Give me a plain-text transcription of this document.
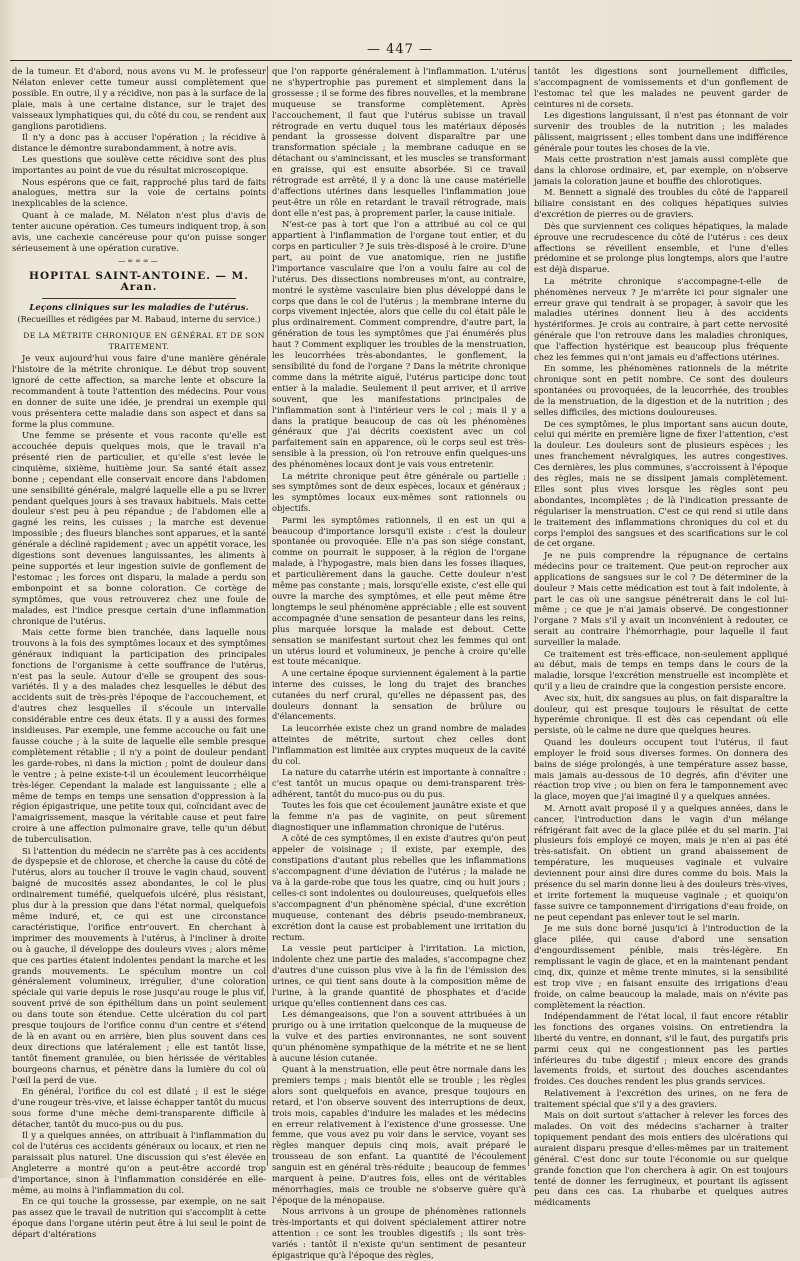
— 447 —

de la tumeur. Et d'abord, nous avons vu M. le professeur Nélaton enlever cette tumeur aussi complètement que possible. En outre, il y a récidive, non pas à la surface de la plaie, mais à une certaine distance, sur le trajet des vaisseaux lymphatiques qui, du côté du cou, se rendent aux ganglions parotidiens.

Il n'y a donc pas à accuser l'opération ; la récidive à distance le démontre surabondamment, à notre avis.

Les questions que soulève cette récidive sont des plus importantes au point de vue du résultat microscopique.

Nous espérons que ce fait, rapproché plus tard de faits analogues, mettra sur la voie de certains points inexplicables de la science.

Quant à ce malade, M. Nélaton n'est plus d'avis de tenter aucune opération. Ces tumeurs indiquent trop, à son avis, une cachexie cancéreuse pour qu'on puisse songer sérieusement à une opération curative.

—∞∞∞—
HOPITAL SAINT-ANTOINE. — M. Aran.
Leçons cliniques sur les maladies de l'utérus.
(Recueillies et rédigées par M. Rabaud, interne du service.)

DE LA MÉTRITE CHRONIQUE EN GÉNÉRAL ET DE SON TRAITEMENT.

Je veux aujourd'hui vous faire d'une manière générale l'histoire de la métrite chronique. Le début trop souvent ignoré de cette affection, sa marche lente et obscure la recommandent à toute l'attention des médecins. Pour vous en donner de suite une idée, je prendrai un exemple qui vous présentera cette maladie dans son aspect et dans sa forme la plus commune.

Une femme se présente et vous raconte qu'elle est accouchée depuis quelques mois, que le travail n'a présenté rien de particulier, et qu'elle s'est levée le cinquième, sixième, huitième jour. Sa santé était assez bonne ; cependant elle conservait encore dans l'abdomen une sensibilité générale, malgré laquelle elle a pu se livrer pendant quelques jours à ses travaux habituels. Mais cette douleur s'est peu à peu répandue ; de l'abdomen elle a gagné les reins, les cuisses ; la marche est devenue impossible ; des flueurs blanches sont apparues, et la santé générale a décliné rapidement ; avec un appétit vorace, les digestions sont devenues languissantes, les aliments à peine supportés et leur ingestion suivie de gonflement de l'estomac ; les forces ont disparu, la malade a perdu son embonpoint et sa bonne coloration. Ce cortège de symptômes, que vous retrouverez chez une foule de malades, est l'indice presque certain d'une inflammation chronique de l'utérus.

Mais cette forme bien tranchée, dans laquelle nous trouvons à la fois des symptômes locaux et des symptômes généraux indiquant la participation des principales fonctions de l'organisme à cette souffrance de l'utérus, n'est pas la seule. Autour d'elle se groupent des sous-variétés. Il y a des malades chez lesquelles le début des accidents suit de très-près l'époque de l'accouchement, et d'autres chez lesquelles il s'écoule un intervalle considérable entre ces deux états. Il y a aussi des formes insidieuses. Par exemple, une femme accouche ou fait une fausse couche ; à la suite de laquelle elle semble presque complètement rétablie ; il n'y a point de douleur pendant les garde-robes, ni dans la miction ; point de douleur dans le ventre ; à peine existe-t-il un écoulement leucorrhéique très-léger. Cependant la malade est languissante ; elle a même de temps en temps une sensation d'oppression à la région épigastrique, une petite toux qui, coïncidant avec de l'amaigrissement, masque la véritable cause et peut faire croire à une affection pulmonaire grave, telle qu'un début de tuberculisation.

Si l'attention du médecin ne s'arrête pas à ces accidents de dyspepsie et de chlorose, et cherche la cause du côté de l'utérus, alors au toucher il trouve le vagin chaud, souvent baigné de mucosités assez abondantes, le col le plus ordinairement tuméfié, quelquefois ulcéré, plus résistant, plus dur à la pression que dans l'état normal, quelquefois même induré, et, ce qui est une circonstance caractéristique, l'orifice entr'ouvert. En cherchant à imprimer des mouvements à l'utérus, à l'incliner à droite ou à gauche, il développe des douleurs vives ; alors même que ces parties étaient indolentes pendant la marche et les grands mouvements. Le spéculum montre un col généralement volumineux, irrégulier, d'une coloration spéciale qui varie depuis le rose jusqu'au rouge le plus vif, souvent privé de son épithélium dans un point seulement ou dans toute son étendue. Cette ulcération du col part presque toujours de l'orifice connu d'un centre et s'étend de là en avant ou en arrière, bien plus souvent dans ces deux directions que latéralement ; elle est tantôt lisse, tantôt finement granulée, ou bien hérissée de véritables bourgeons charnus, et pénètre dans la lumière du col où l'œil la perd de vue.

En général, l'orifice du col est dilaté ; il est le siége d'une rougeur très-vive, et laisse échapper tantôt du mucus sous forme d'une mèche demi-transparente difficile à détacher, tantôt du muco-pus ou du pus.

Il y a quelques années, on attribuait à l'inflammation du col de l'utérus ces accidents généraux ou locaux, et rien ne paraissait plus naturel. Une discussion qui s'est élevée en Angleterre a montré qu'on a peut-être accordé trop d'importance, sinon à l'inflammation considérée en elle-même, au moins à l'inflammation du col.

En ce qui touche la grossesse, par exemple, on ne sait pas assez que le travail de nutrition qui s'accomplit à cette époque dans l'organe utérin peut être à lui seul le point de départ d'altérations

que l'on rapporte généralement à l'inflammation. L'utérus ne s'hypertrophie pas purement et simplement dans la grossesse ; il se forme des fibres nouvelles, et la membrane muqueuse se transforme complètement. Après l'accouchement, il faut que l'utérus subisse un travail rétrograde en vertu duquel tous les matériaux déposés pendant la grossesse doivent disparaître par une transformation spéciale ; la membrane caduque en se détachant ou s'amincissant, et les muscles se transformant en graisse, qui est ensuite absorbée. Si ce travail rétrograde est arrêté, il y a donc là une cause matérielle d'affections utérines dans lesquelles l'inflammation joue peut-être un rôle en retardant le travail rétrograde, mais dont elle n'est pas, à proprement parler, la cause initiale.

N'est-ce pas à tort que l'on a attribué au col ce qui appartient à l'inflammation de l'organe tout entier, et du corps en particulier ? Je suis très-disposé à le croire. D'une part, au point de vue anatomique, rien ne justifie l'importance vasculaire que l'on a voulu faire au col de l'utérus. Des dissections nombreuses m'ont, au contraire, montré le système vasculaire bien plus développé dans le corps que dans le col de l'utérus ; la membrane interne du corps vivement injectée, alors que celle du col était pâle le plus ordinairement. Comment comprendre, d'autre part, la génération de tous les symptômes que j'ai énumérés plus haut ? Comment expliquer les troubles de la menstruation, les leucorrhées très-abondantes, le gonflement, la sensibilité du fond de l'organe ? Dans la métrite chronique comme dans la métrite aiguë, l'utérus participe donc tout entier à la maladie. Seulement il peut arriver, et il arrive souvent, que les manifestations principales de l'inflammation sont à l'intérieur vers le col ; mais il y a dans la pratique beaucoup de cas où les phénomènes généraux que j'ai décrits coexistent avec un col parfaitement sain en apparence, où le corps seul est très-sensible à la pression, où l'on retrouve enfin quelques-uns des phénomènes locaux dont je vais vous entretenir.

La métrite chronique peut être générale ou partielle ; ses symptômes sont de deux espèces, locaux et généraux ; les symptômes locaux eux-mêmes sont rationnels ou objectifs.

Parmi les symptômes rationnels, il en est un qui a beaucoup d'importance lorsqu'il existe : c'est la douleur spontanée ou provoquée. Elle n'a pas son siége constant, comme on pourrait le supposer, à la région de l'organe malade, à l'hypogastre, mais bien dans les fosses iliaques, et particulièrement dans la gauche. Cette douleur n'est même pas constante ; mais, lorsqu'elle existe, c'est elle qui ouvre la marche des symptômes, et elle peut même être longtemps le seul phénomène appréciable ; elle est souvent accompagnée d'une sensation de pesanteur dans les reins, plus marquée lorsque la malade est debout. Cette sensation se manifestant surtout chez les femmes qui ont un utérus lourd et volumineux, je penche à croire qu'elle est toute mécanique.

A une certaine époque surviennent également à la partie interne des cuisses, le long du trajet des branches cutanées du nerf crural, qu'elles ne dépassent pas, des douleurs donnant la sensation de brûlure ou d'élancements.

La leucorrhée existe chez un grand nombre de malades atteintes de métrite, surtout chez celles dont l'inflammation est limitée aux cryptes muqueux de la cavité du col.

La nature du catarrhe utérin est importante à connaître : c'est tantôt un mucus opaque ou demi-transparent très-adhérent, tantôt du muco-pus ou du pus.

Toutes les fois que cet écoulement jaunâtre existe et que la femme n'a pas de vaginite, on peut sûrement diagnostiquer une inflammation chronique de l'utérus.

A côté de ces symptômes, il en existe d'autres qu'on peut appeler de voisinage ; il existe, par exemple, des constipations d'autant plus rebelles que les inflammations s'accompagnent d'une déviation de l'utérus ; la malade ne va à la garde-robe que tous les quatre, cinq ou huit jours ; celles-ci sont indolentes ou douloureuses, quelquefois elles s'accompagnent d'un phénomène spécial, d'une excrétion muqueuse, contenant des débris pseudo-membraneux, excrétion dont la cause est probablement une irritation du rectum.

La vessie peut participer à l'irritation. La miction, indolente chez une partie des malades, s'accompagne chez d'autres d'une cuisson plus vive à la fin de l'émission des urines, ce qui tient sans doute à la composition même de l'urine, à la grande quantité de phosphates et d'acide urique qu'elles contiennent dans ces cas.

Les démangeaisons, que l'on a souvent attribuées à un prurigo ou à une irritation quelconque de la muqueuse de la vulve et des parties environnantes, ne sont souvent qu'un phénomène sympathique de la métrite et ne se lient à aucune lésion cutanée.

Quant à la menstruation, elle peut être normale dans les premiers temps ; mais bientôt elle se trouble ; les règles alors sont quelquefois en avance, presque toujours en retard, et l'on observe souvent des interruptions de deux, trois mois, capables d'induire les malades et les médecins en erreur relativement à l'existence d'une grossesse. Une femme, que vous avez pu voir dans le service, voyant ses règles manquer depuis cinq mois, avait préparé le trousseau de son enfant. La quantité de l'écoulement sanguin est en général très-réduite ; beaucoup de femmes marquent à peine. D'autres fois, elles ont de véritables ménorrhagies, mais ce trouble ne s'observe guère qu'à l'époque de la ménopause.

Nous arrivons à un groupe de phénomènes rationnels très-importants et qui doivent spécialement attirer notre attention : ce sont les troubles digestifs ; ils sont très-variés : tantôt il n'existe qu'un sentiment de pesanteur épigastrique qu'à l'époque des règles,

tantôt les digestions sont journellement difficiles, s'accompagnent de vomissements et d'un gonflement de l'estomac tel que les malades ne peuvent garder de ceintures ni de corsets.

Les digestions languissant, il n'est pas étonnant de voir survenir des troubles de la nutrition ; les malades pâlissent, maigrissent ; elles tombent dans une indifférence générale pour toutes les choses de la vie.

Mais cette prostration n'est jamais aussi complète que dans la chlorose ordinaire, et, par exemple, on n'observe jamais la coloration jaune et bouffie des chlorotiques.

M. Bennett a signalé des troubles du côté de l'appareil biliaire consistant en des coliques hépatiques suivies d'excrétion de pierres ou de graviers.

Dès que surviennent ces coliques hépatiques, la malade éprouve une recrudescence du côté de l'utérus : ces deux affections se réveillent ensemble, et l'une d'elles prédomine et se prolonge plus longtemps, alors que l'autre est déjà disparue.

La métrite chronique s'accompagne-t-elle de phénomènes nerveux ? Je m'arrête ici pour signaler une erreur grave qui tendrait à se propager, à savoir que les maladies utérines donnent lieu à des accidents hystériformes. Je crois au contraire, à part cette nervosité générale que l'on retrouve dans les maladies chroniques, que l'affection hystérique est beaucoup plus fréquente chez les femmes qui n'ont jamais eu d'affections utérines.

En somme, les phénomènes rationnels de la métrite chronique sont en petit nombre. Ce sont des douleurs spontanées ou provoquées, de la leucorrhée, des troubles de la menstruation, de la digestion et de la nutrition ; des selles difficiles, des mictions douloureuses.

De ces symptômes, le plus important sans aucun doute, celui qui mérite en première ligne de fixer l'attention, c'est la douleur. Les douleurs sont de plusieurs espèces ; les unes franchement névralgiques, les autres congestives. Ces dernières, les plus communes, s'accroissent à l'époque des règles, mais ne se dissipent jamais complètement. Elles sont plus vives lorsque les règles sont peu abondantes, incomplètes ; de là l'indication pressante de régulariser la menstruation. C'est ce qui rend si utile dans le traitement des inflammations chroniques du col et du corps l'emploi des sangsues et des scarifications sur le col de cet organe.

Je ne puis comprendre la répugnance de certains médecins pour ce traitement. Que peut-on reprocher aux applications de sangsues sur le col ? De déterminer de la douleur ? Mais cette médication est tout à fait indolente, à part le cas où une sangsue pénétrerait dans le col lui-même ; ce que je n'ai jamais observé. De congestionner l'organe ? Mais s'il y avait un inconvénient à redouter, ce serait au contraire l'hémorrhagie, pour laquelle il faut surveiller la malade.

Ce traitement est très-efficace, non-seulement appliqué au début, mais de temps en temps dans le cours de la maladie, lorsque l'excrétion menstruelle est incomplète et qu'il y a lieu de craindre que la congestion persiste encore.

Avec six, huit, dix sangsues au plus, on fait disparaître la douleur, qui est presque toujours le résultat de cette hyperémie chronique. Il est dès cas cependant où elle persiste, où le calme ne dure que quelques heures.

Quand les douleurs occupent tout l'utérus, il faut employer le froid sous diverses formes. On donnera des bains de siége prolongés, à une température assez basse, mais jamais au-dessous de 10 degrés, afin d'éviter une réaction trop vive ; ou bien on fera le tamponnement avec la glace, moyen que j'ai imaginé il y a quelques années.

M. Arnott avait proposé il y a quelques années, dans le cancer, l'introduction dans le vagin d'un mélange réfrigérant fait avec de la glace pilée et du sel marin. J'ai plusieurs fois employé ce moyen, mais je n'en ai pas été très-satisfait. On obtient un grand abaissement de température, les muqueuses vaginale et vulvaire deviennent pour ainsi dire dures comme du bois. Mais la présence du sel marin donne lieu à des douleurs très-vives, et irrite fortement la muqueuse vaginale ; et quoiqu'on fasse suivre ce tamponnement d'irrigations d'eau froide, on ne peut cependant pas enlever tout le sel marin.

Je me suis donc borné jusqu'ici à l'introduction de la glace pilée, qui cause d'abord une sensation d'engourdissement pénible, mais très-légère. En remplissant le vagin de glace, et en la maintenant pendant cinq, dix, quinze et même trente minutes, si la sensibilité est trop vive ; en faisant ensuite des irrigations d'eau froide, on calme beaucoup la malade, mais on n'évite pas complètement la réaction.

Indépendamment de l'état local, il faut encore rétablir les fonctions des organes voisins. On entretiendra la liberté du ventre, en donnant, s'il le faut, des purgatifs pris parmi ceux qui ne congestionnent pas les parties inférieures du tube digestif ; mieux encore des grands lavements froids, et surtout des douches ascendantes froides. Ces douches rendent les plus grands services.

Relativement à l'excrétion des urines, on ne fera de traitement spécial que s'il y a des graviers.

Mais on doit surtout s'attacher à relever les forces des malades. On voit des médecins s'acharner à traiter topiquement pendant des mois entiers des ulcérations qui auraient disparu presque d'elles-mêmes par un traitement général. C'est donc sur toute l'économie ou sur quelque grande fonction que l'on cherchera à agir. On est toujours tenté de donner les ferrugineux, et pourtant ils agissent peu dans ces cas. La rhubarbe et quelques autres médicaments
